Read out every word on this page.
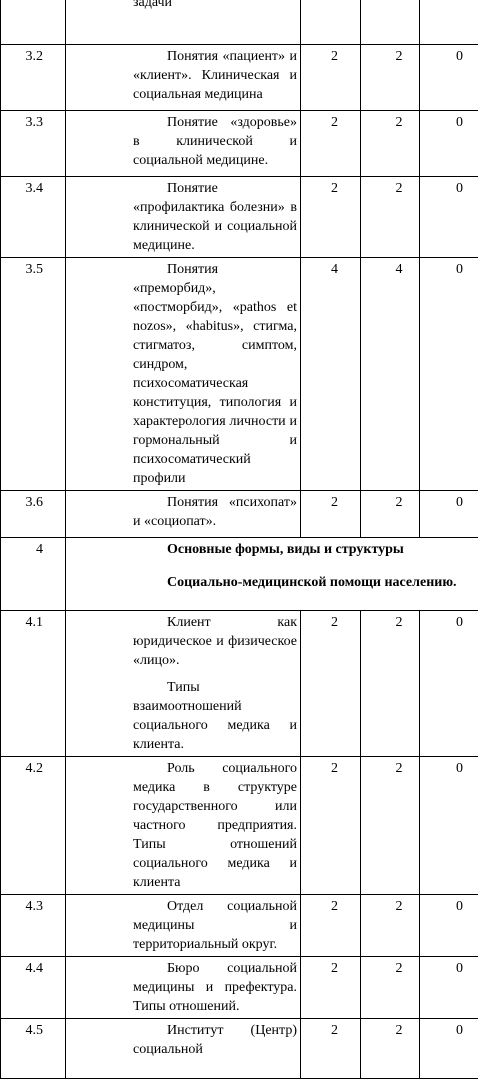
	задачи			

3.2	Понятия «пациент» и «клиент». Клиническая и социальная медицина	2	2	0
3.3	Понятие «здоровье» в клинической и социальной медицине.	2	2	0
3.4	Понятие «профилактика болезни» в клинической и социальной медицине.	2	2	0
3.5	Понятия «преморбид», «постморбид», «pathos et nozos», «habitus», стигма, стигматоз, симптом, синдром, психосоматическая конституция, типология и характерология личности и гормональный и психосоматический профили	4	4	0
3.6	Понятия «психопат» и «социопат».	2	2	0
4	Основные формы, виды и структуры

Социально-медицинской помощи населению.			

4.1	Клиент как юридическое и физическое «лицо».

Типы взаимоотношений социального медика и клиента.	2	2	0
4.2	Роль социального медика в структуре государственного или частного предприятия. Типы отношений социального медика и клиента	2	2	0
4.3	Отдел социальной медицины и территориальный округ.	2	2	0
4.4	Бюро социальной медицины и префектура. Типы отношений.	2	2	0
4.5	Институт (Центр) социальной	2	2	0
